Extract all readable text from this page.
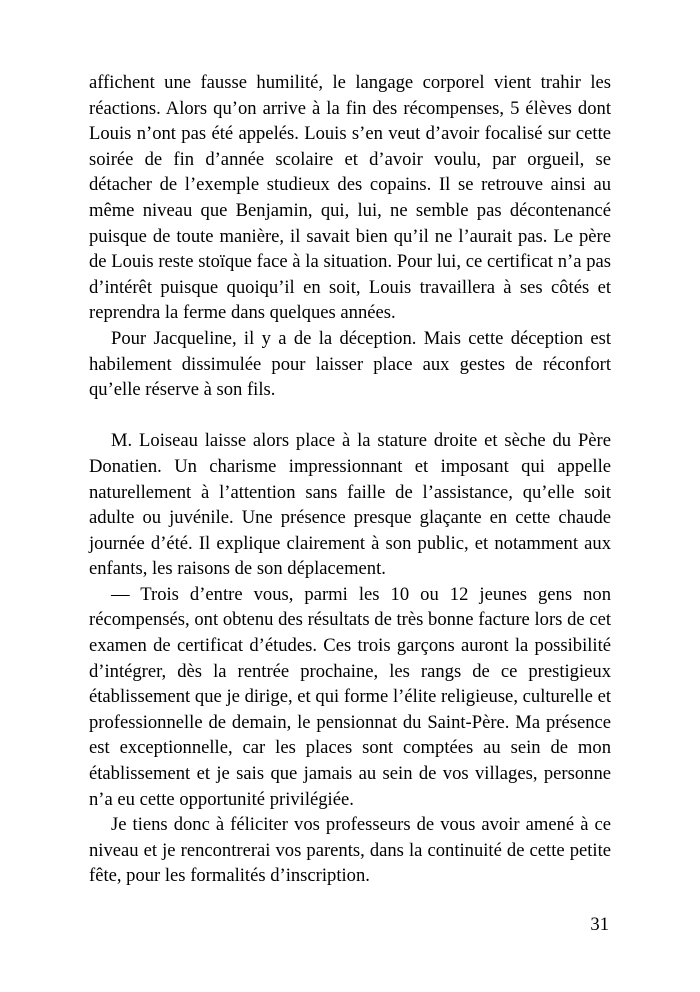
affichent une fausse humilité, le langage corporel vient trahir les réactions. Alors qu’on arrive à la fin des récompenses, 5 élèves dont Louis n’ont pas été appelés. Louis s’en veut d’avoir focalisé sur cette soirée de fin d’année scolaire et d’avoir voulu, par orgueil, se détacher de l’exemple studieux des copains. Il se retrouve ainsi au même niveau que Benjamin, qui, lui, ne semble pas décontenancé puisque de toute manière, il savait bien qu’il ne l’aurait pas. Le père de Louis reste stoïque face à la situation. Pour lui, ce certificat n’a pas d’intérêt puisque quoiqu’il en soit, Louis travaillera à ses côtés et reprendra la ferme dans quelques années.

Pour Jacqueline, il y a de la déception. Mais cette déception est habilement dissimulée pour laisser place aux gestes de réconfort qu’elle réserve à son fils.

M. Loiseau laisse alors place à la stature droite et sèche du Père Donatien. Un charisme impressionnant et imposant qui appelle naturellement à l’attention sans faille de l’assistance, qu’elle soit adulte ou juvénile. Une présence presque glaçante en cette chaude journée d’été. Il explique clairement à son public, et notamment aux enfants, les raisons de son déplacement.

— Trois d’entre vous, parmi les 10 ou 12 jeunes gens non récompensés, ont obtenu des résultats de très bonne facture lors de cet examen de certificat d’études. Ces trois garçons auront la possibilité d’intégrer, dès la rentrée prochaine, les rangs de ce prestigieux établissement que je dirige, et qui forme l’élite religieuse, culturelle et professionnelle de demain, le pensionnat du Saint-Père. Ma présence est exceptionnelle, car les places sont comptées au sein de mon établissement et je sais que jamais au sein de vos villages, personne n’a eu cette opportunité privilégiée.

Je tiens donc à féliciter vos professeurs de vous avoir amené à ce niveau et je rencontrerai vos parents, dans la continuité de cette petite fête, pour les formalités d’inscription.

31
